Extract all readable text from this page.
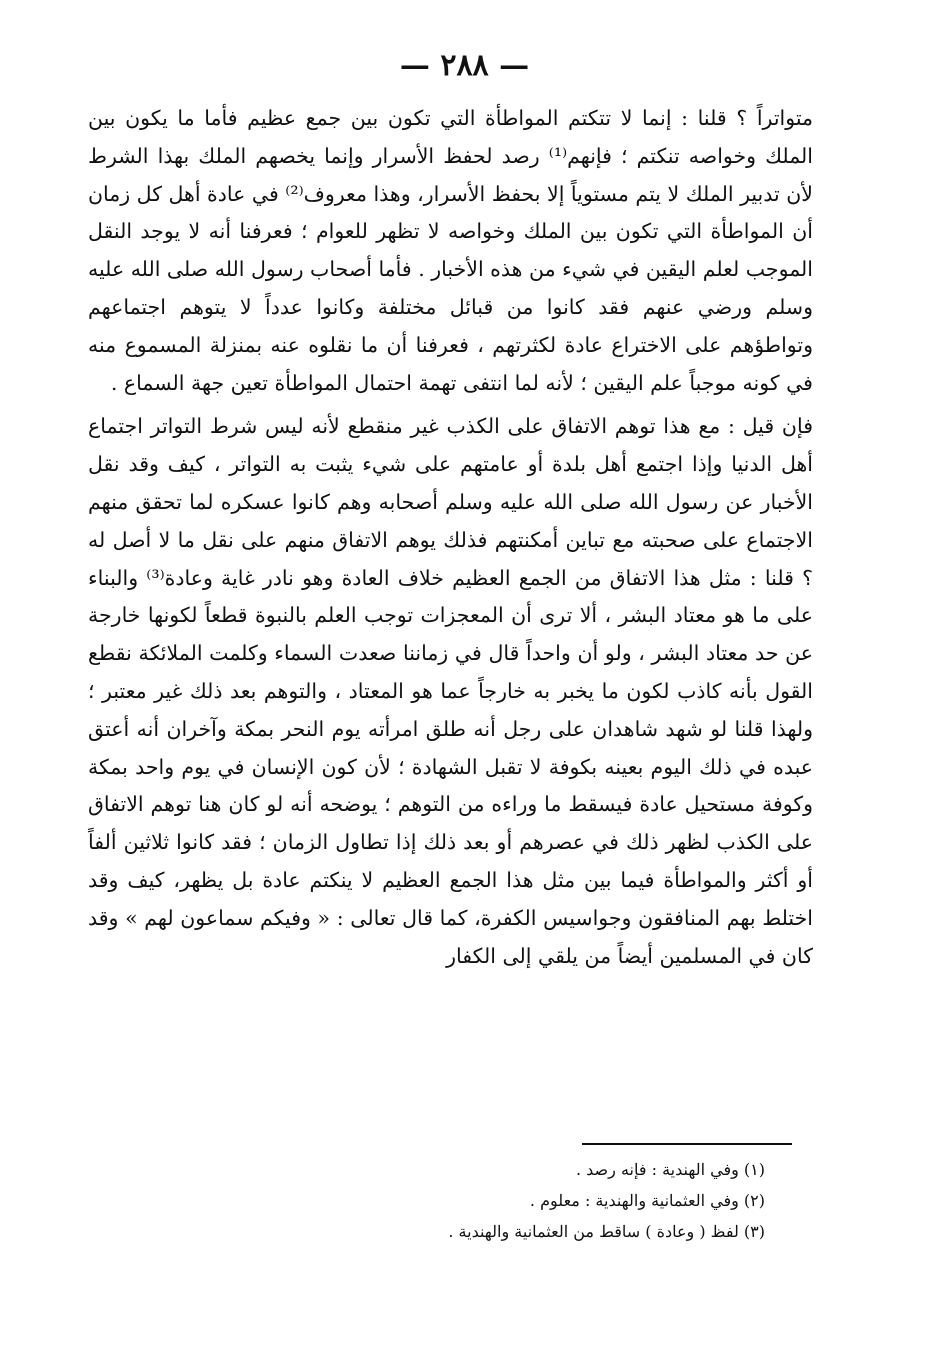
— ٢٨٨ —

متواتراً ؟ قلنا : إنما لا تتكتم المواطأة التي تكون بين جمع عظيم فأما ما يكون بين الملك وخواصه تنكتم ؛ فإنهم⁽¹⁾ رصد لحفظ الأسرار وإنما يخصهم الملك بهذا الشرط لأن تدبير الملك لا يتم مستوياً إلا بحفظ الأسرار، وهذا معروف⁽²⁾ في عادة أهل كل زمان أن المواطأة التي تكون بين الملك وخواصه لا تظهر للعوام ؛ فعرفنا أنه لا يوجد النقل الموجب لعلم اليقين في شيء من هذه الأخبار . فأما أصحاب رسول الله صلى الله عليه وسلم ورضي عنهم فقد كانوا من قبائل مختلفة وكانوا عدداً لا يتوهم اجتماعهم وتواطؤهم على الاختراع عادة لكثرتهم ، فعرفنا أن ما نقلوه عنه بمنزلة المسموع منه في كونه موجباً علم اليقين ؛ لأنه لما انتفى تهمة احتمال المواطأة تعين جهة السماع .

فإن قيل : مع هذا توهم الاتفاق على الكذب غير منقطع لأنه ليس شرط التواتر اجتماع أهل الدنيا وإذا اجتمع أهل بلدة أو عامتهم على شيء يثبت به التواتر ، كيف وقد نقل الأخبار عن رسول الله صلى الله عليه وسلم أصحابه وهم كانوا عسكره لما تحقق منهم الاجتماع على صحبته مع تباين أمكنتهم فذلك يوهم الاتفاق منهم على نقل ما لا أصل له ؟ قلنا : مثل هذا الاتفاق من الجمع العظيم خلاف العادة وهو نادر غاية وعادة⁽³⁾ والبناء على ما هو معتاد البشر ، ألا ترى أن المعجزات توجب العلم بالنبوة قطعاً لكونها خارجة عن حد معتاد البشر ، ولو أن واحداً قال في زماننا صعدت السماء وكلمت الملائكة نقطع القول بأنه كاذب لكون ما يخبر به خارجاً عما هو المعتاد ، والتوهم بعد ذلك غير معتبر ؛ ولهذا قلنا لو شهد شاهدان على رجل أنه طلق امرأته يوم النحر بمكة وآخران أنه أعتق عبده في ذلك اليوم بعينه بكوفة لا تقبل الشهادة ؛ لأن كون الإنسان في يوم واحد بمكة وكوفة مستحيل عادة فيسقط ما وراءه من التوهم ؛ يوضحه أنه لو كان هنا توهم الاتفاق على الكذب لظهر ذلك في عصرهم أو بعد ذلك إذا تطاول الزمان ؛ فقد كانوا ثلاثين ألفاً أو أكثر والمواطأة فيما بين مثل هذا الجمع العظيم لا ينكتم عادة بل يظهر، كيف وقد اختلط بهم المنافقون وجواسيس الكفرة، كما قال تعالى : « وفيكم سماعون لهم » وقد كان في المسلمين أيضاً من يلقي إلى الكفار

(١) وفي الهندية : فإنه رصد .
(٢) وفي العثمانية والهندية : معلوم .
(٣) لفظ ( وعادة ) ساقط من العثمانية والهندية .
